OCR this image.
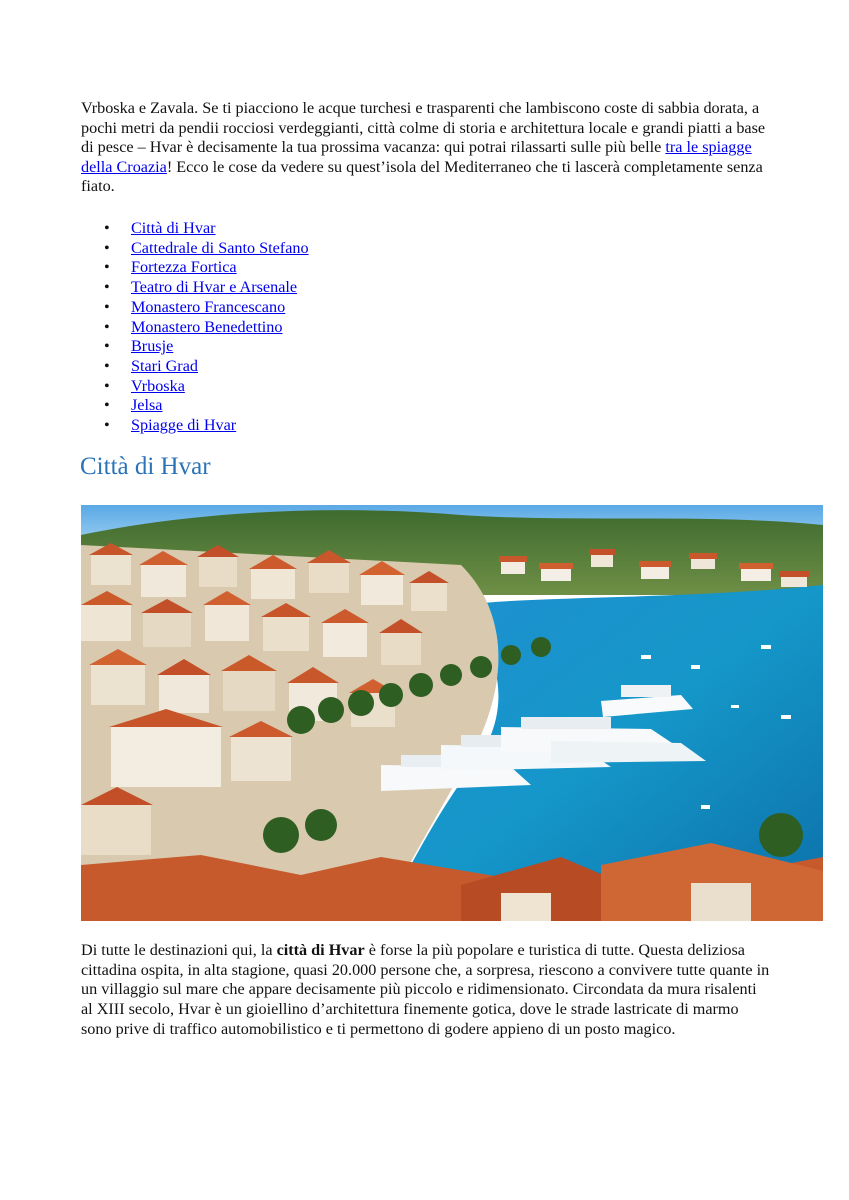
Vrboska e Zavala. Se ti piacciono le acque turchesi e trasparenti che lambiscono coste di sabbia dorata, a pochi metri da pendii rocciosi verdeggianti, città colme di storia e architettura locale e grandi piatti a base di pesce – Hvar è decisamente la tua prossima vacanza: qui potrai rilassarti sulle più belle tra le spiagge della Croazia! Ecco le cose da vedere su quest’isola del Mediterraneo che ti lascerà completamente senza fiato.

• Città di Hvar
• Cattedrale di Santo Stefano
• Fortezza Fortica
• Teatro di Hvar e Arsenale
• Monastero Francescano
• Monastero Benedettino
• Brusje
• Stari Grad
• Vrboska
• Jelsa
• Spiagge di Hvar
Città di Hvar

Di tutte le destinazioni qui, la città di Hvar è forse la più popolare e turistica di tutte. Questa deliziosa cittadina ospita, in alta stagione, quasi 20.000 persone che, a sorpresa, riescono a convivere tutte quante in un villaggio sul mare che appare decisamente più piccolo e ridimensionato. Circondata da mura risalenti al XIII secolo, Hvar è un gioiellino d’architettura finemente gotica, dove le strade lastricate di marmo sono prive di traffico automobilistico e ti permettono di godere appieno di un posto magico.
